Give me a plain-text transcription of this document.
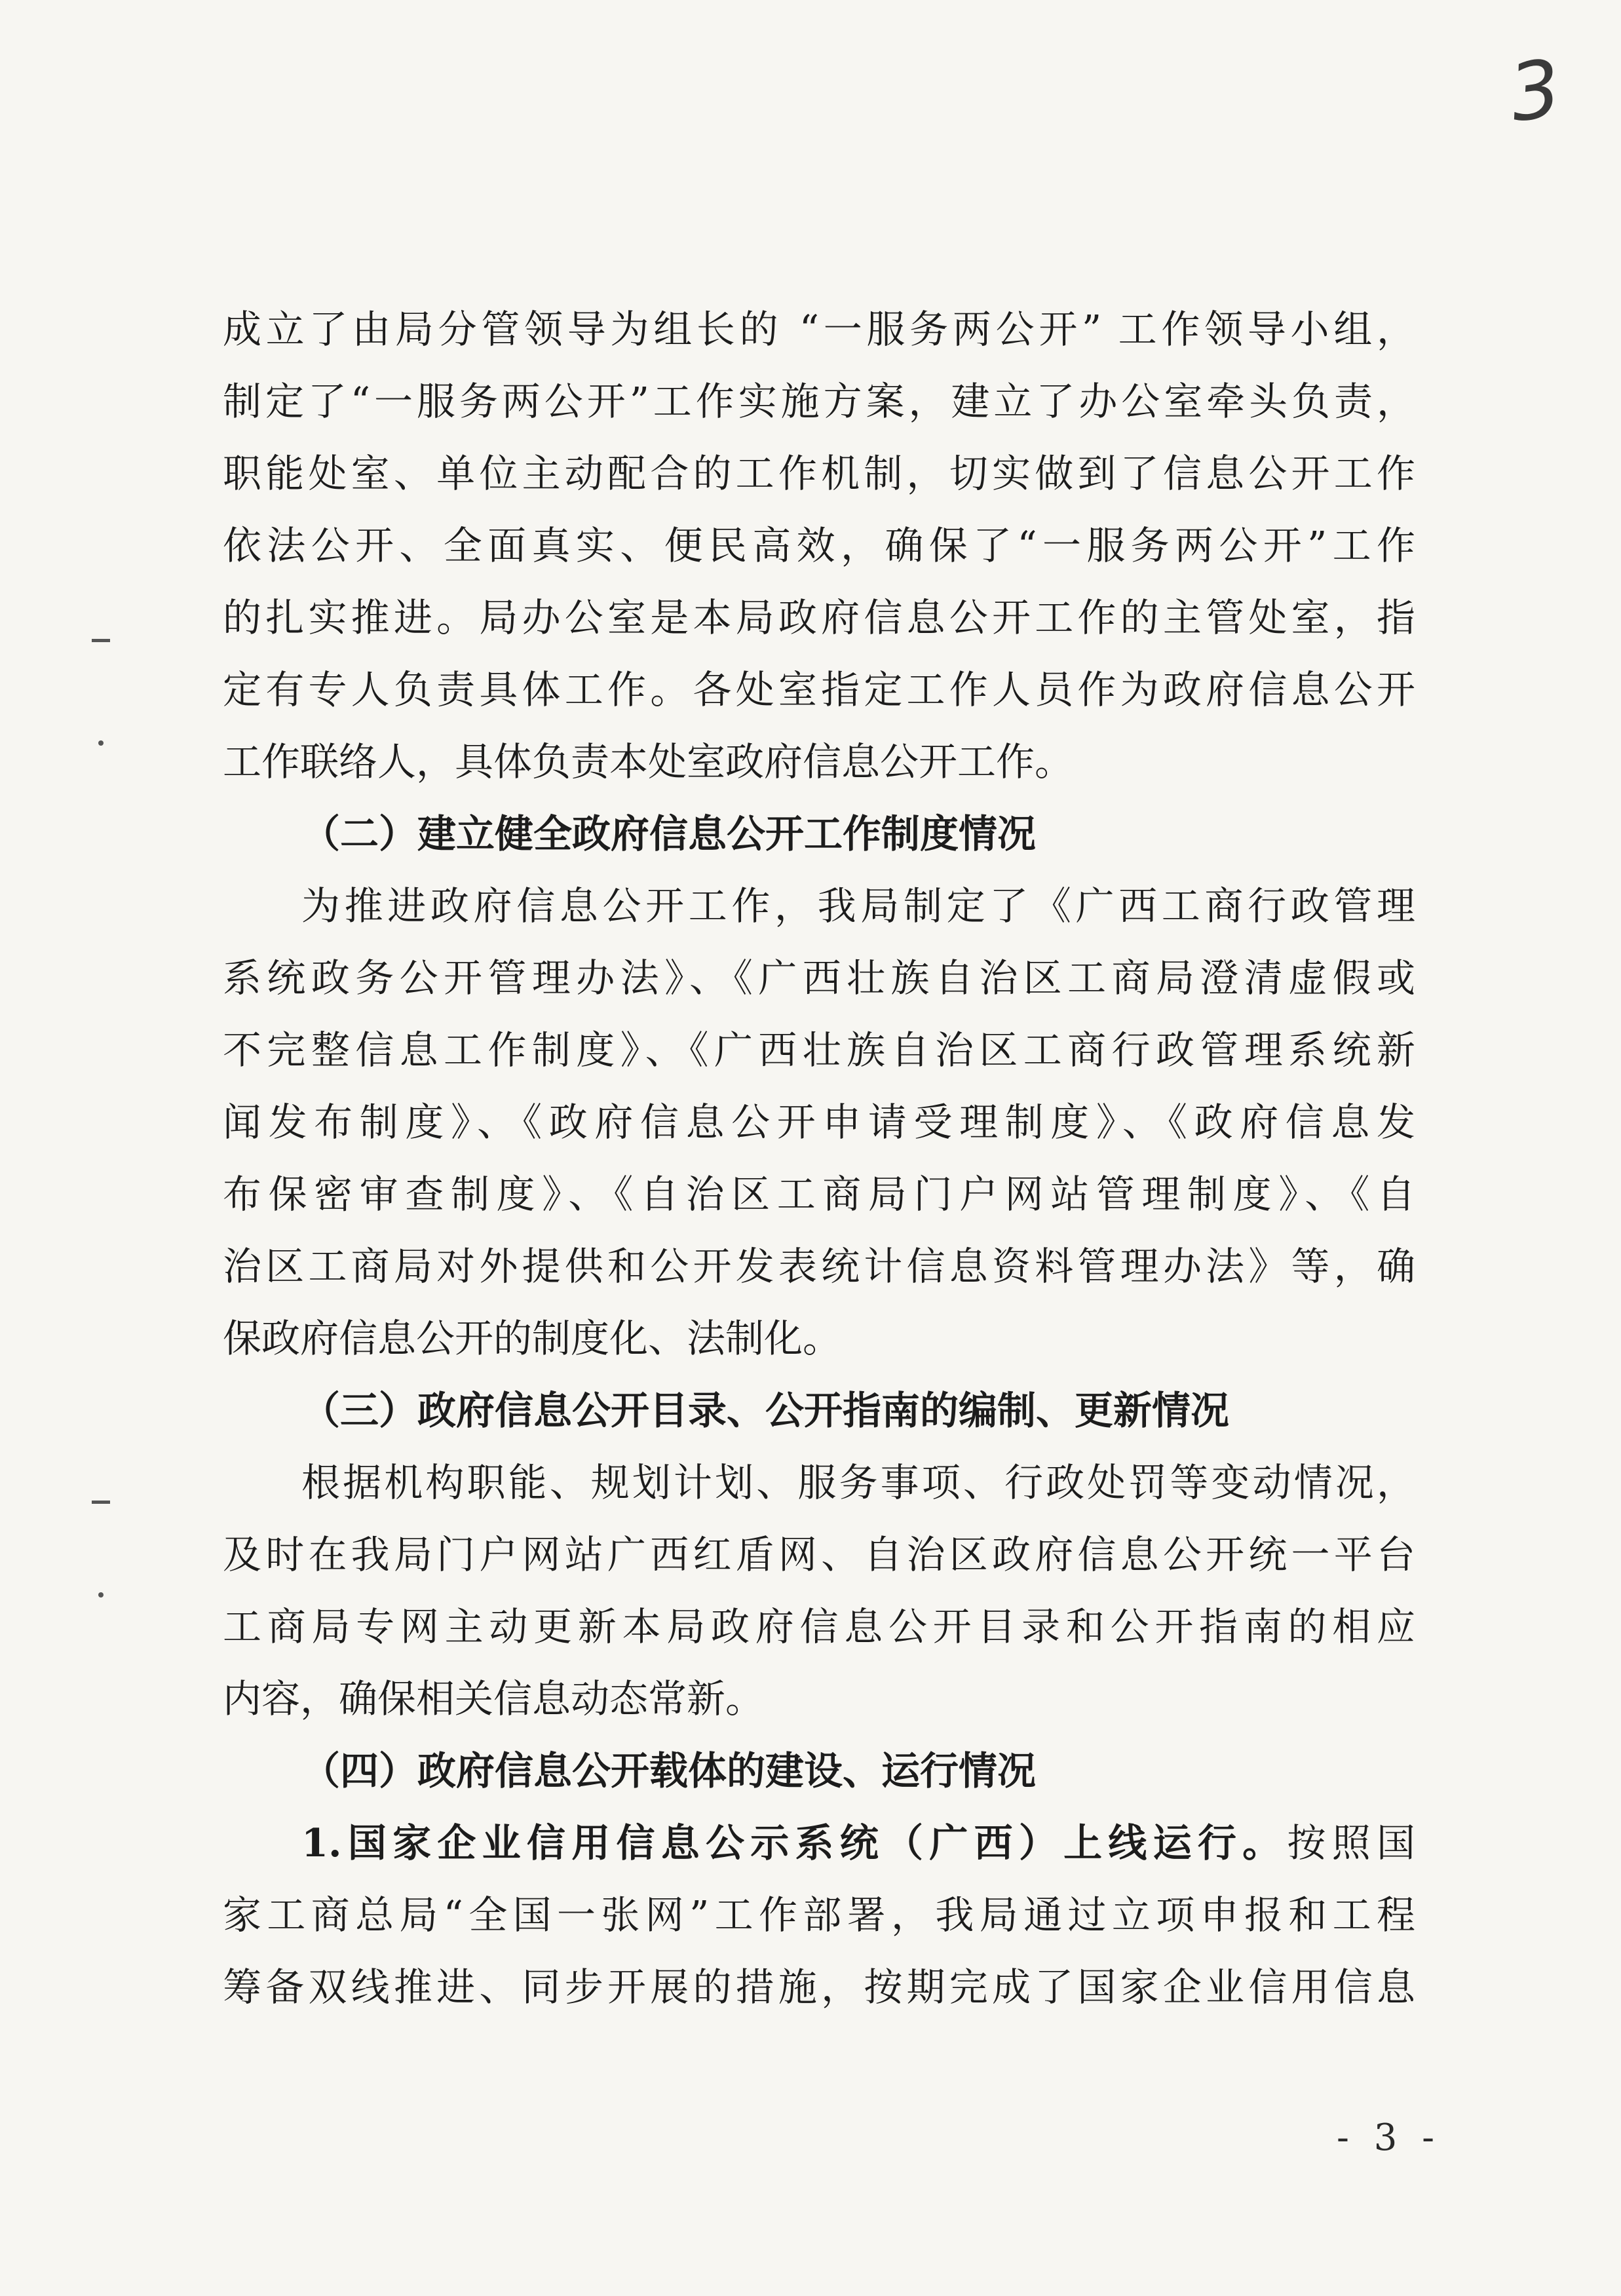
3
成立了由局分管领导为组长的 “一服务两公开” 工作领导小组，
制定了“一服务两公开”工作实施方案，建立了办公室牵头负责，
职能处室、单位主动配合的工作机制，切实做到了信息公开工作
依法公开、全面真实、便民高效，确保了“一服务两公开”工作
的扎实推进。局办公室是本局政府信息公开工作的主管处室，指
定有专人负责具体工作。各处室指定工作人员作为政府信息公开
工作联络人，具体负责本处室政府信息公开工作。
（二）建立健全政府信息公开工作制度情况
为推进政府信息公开工作，我局制定了《广西工商行政管理
系统政务公开管理办法》、《广西壮族自治区工商局澄清虚假或
不完整信息工作制度》、《广西壮族自治区工商行政管理系统新
闻发布制度》、《政府信息公开申请受理制度》、《政府信息发
布保密审查制度》、《自治区工商局门户网站管理制度》、《自
治区工商局对外提供和公开发表统计信息资料管理办法》等，确
保政府信息公开的制度化、法制化。
（三）政府信息公开目录、公开指南的编制、更新情况
根据机构职能、规划计划、服务事项、行政处罚等变动情况，
及时在我局门户网站广西红盾网、自治区政府信息公开统一平台
工商局专网主动更新本局政府信息公开目录和公开指南的相应
内容，确保相关信息动态常新。
（四）政府信息公开载体的建设、运行情况
1.国家企业信用信息公示系统（广西）上线运行。按照国
家工商总局“全国一张网”工作部署，我局通过立项申报和工程
筹备双线推进、同步开展的措施，按期完成了国家企业信用信息
- 3 -
